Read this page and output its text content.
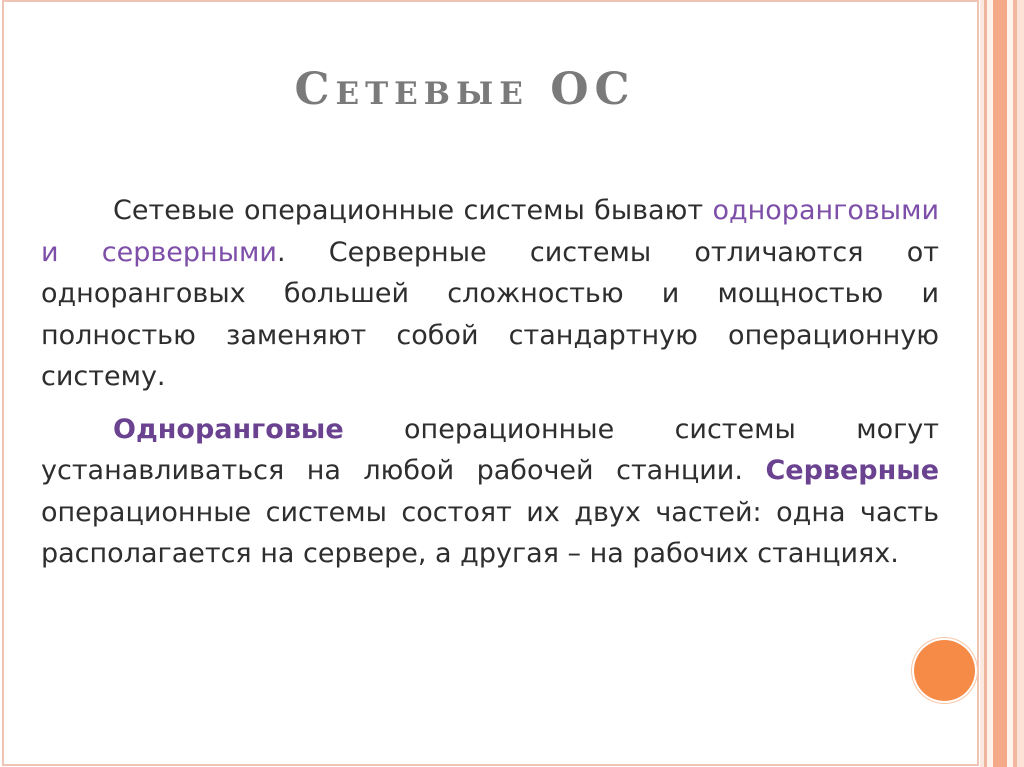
Сетевые ОС

Сетевые операционные системы бывают одноранговыми и серверными. Серверные системы отличаются от одноранговых большей сложностью и мощностью и полностью заменяют собой стандартную операционную систему.

Одноранговые операционные системы могут устанавливаться на любой рабочей станции. Серверные операционные системы состоят их двух частей: одна часть располагается на сервере, а другая – на рабочих станциях.
